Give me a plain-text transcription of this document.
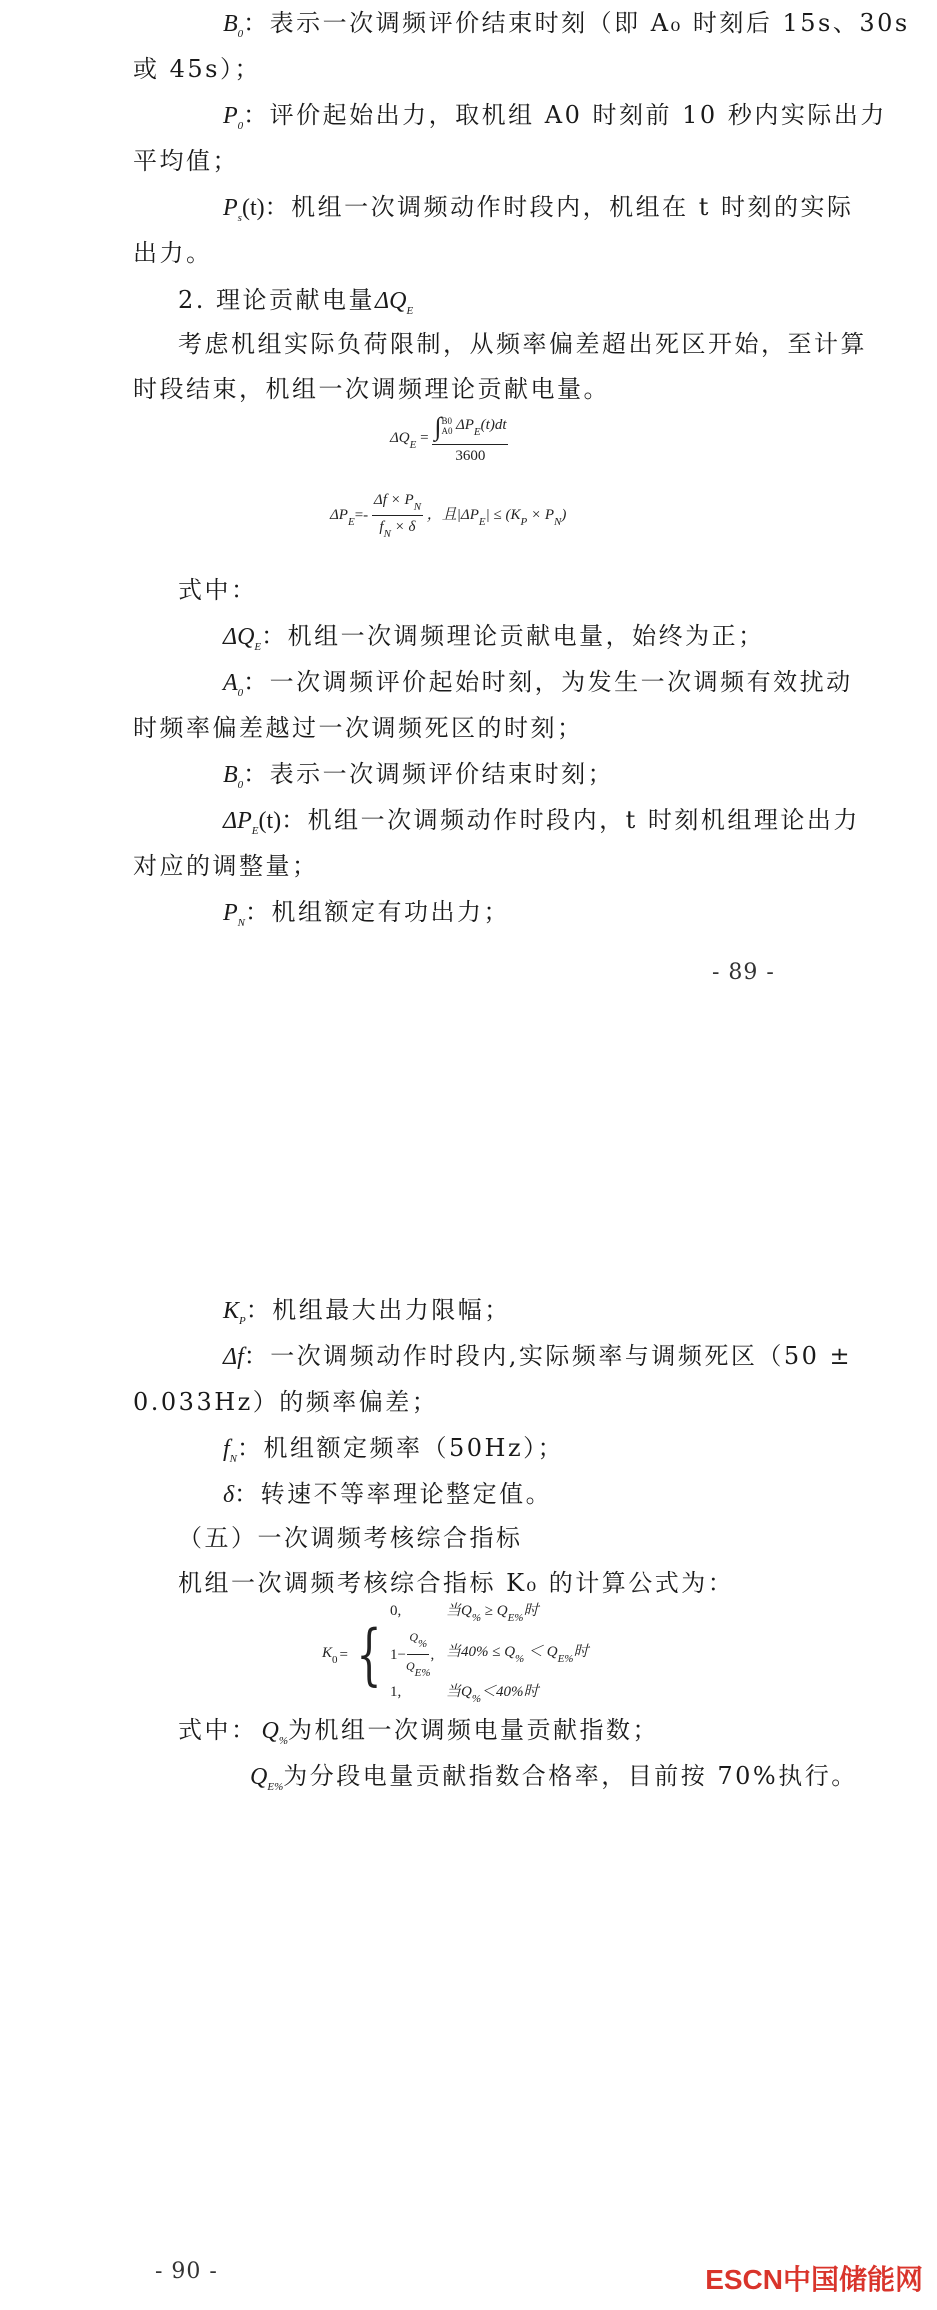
$B_0$：表示一次调频评价结束时刻（即 A₀ 时刻后 15s、30s
或 45s）；
$P_0$：评价起始出力，取机组 A0 时刻前 10 秒内实际出力
平均值；
$P_s(t)$：机组一次调频动作时段内，机组在 t 时刻的实际
出力。
2. 理论贡献电量$\Delta Q_E$
考虑机组实际负荷限制，从频率偏差超出死区开始，至计算
时段结束，机组一次调频理论贡献电量。
$\Delta Q_E$ = ∫ B0
A0 $\Delta P_E(t)dt$
3600
$\Delta P_E=- \frac{\Delta f \times P_N}{f_N \times \delta}$ ，且$|\Delta P_E| \le (K_P \times P_N)$
式中：
$\Delta Q_E$：机组一次调频理论贡献电量，始终为正；
$A_0$：一次调频评价起始时刻，为发生一次调频有效扰动
时频率偏差越过一次调频死区的时刻；
$B_0$：表示一次调频评价结束时刻；
$\Delta P_E(t)$：机组一次调频动作时段内，t 时刻机组理论出力
对应的调整量；
$P_N$：机组额定有功出力；
- 89 -
$K_P$：机组最大出力限幅；
Δf：一次调频动作时段内,实际频率与调频死区（50 ±
0.033Hz）的频率偏差；
$f_N$：机组额定频率（50Hz）；
δ：转速不等率理论整定值。
（五）一次调频考核综合指标
机组一次调频考核综合指标 K₀ 的计算公式为：
$K_0$ = {
0,	当$Q_{\%} \ge Q_{E\%}$时
$1- \frac{Q\%}{QE\%}$ , 当$40\% \le Q_{\%} < Q_{E\%}$时
1,	当$Q_{\%}<40\%$时
式中： $Q_{\%}$为机组一次调频电量贡献指数；
$Q_{E\%}$为分段电量贡献指数合格率，目前按 70%执行。
- 90 -	ESCN中国储能网
